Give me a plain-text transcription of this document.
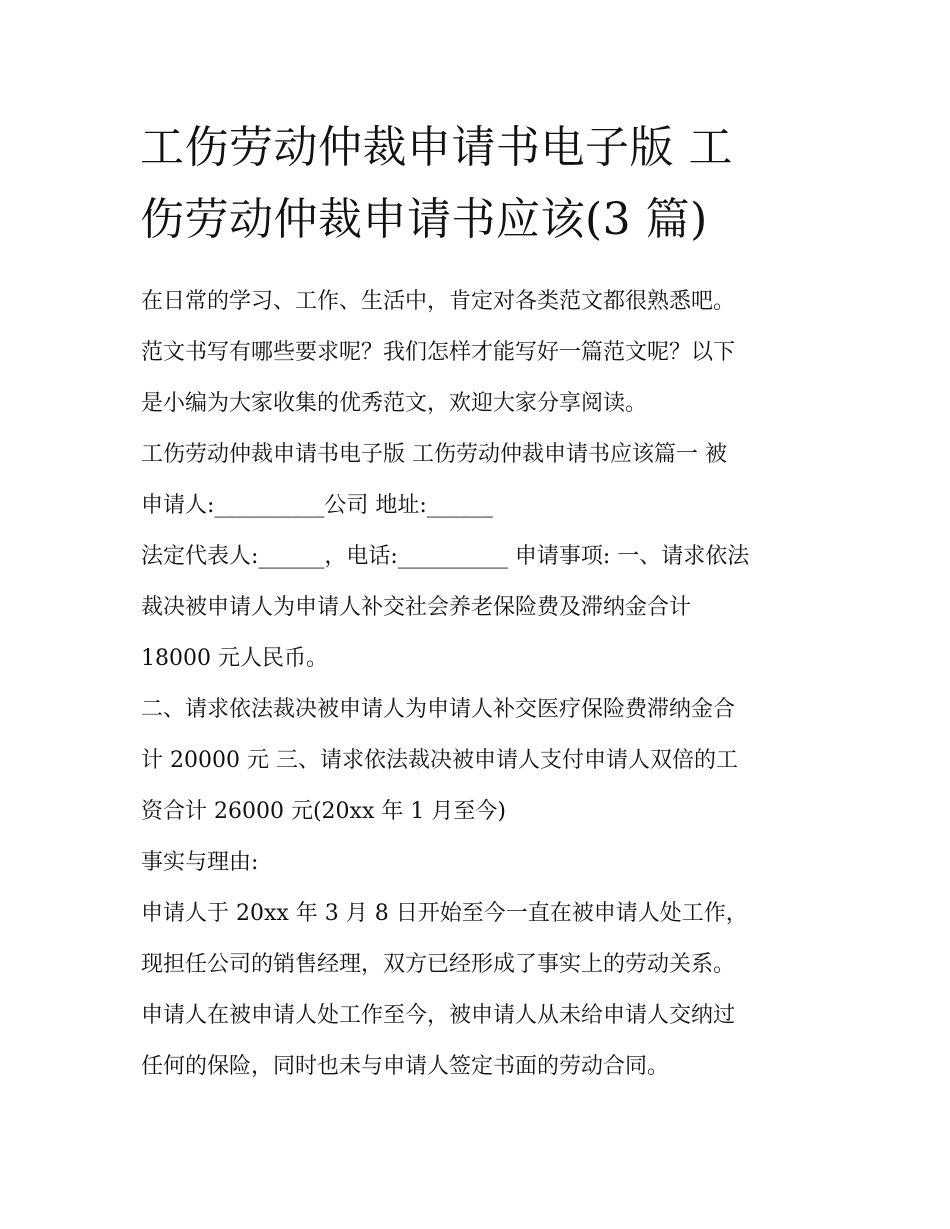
工伤劳动仲裁申请书电子版 工
伤劳动仲裁申请书应该(3 篇)

在日常的学习、工作、生活中，肯定对各类范文都很熟悉吧。

范文书写有哪些要求呢？我们怎样才能写好一篇范文呢？以下

是小编为大家收集的优秀范文，欢迎大家分享阅读。

工伤劳动仲裁申请书电子版 工伤劳动仲裁申请书应该篇一 被

申请人:__________公司 地址:______

法定代表人:______，电话:__________ 申请事项: 一、请求依法

裁决被申请人为申请人补交社会养老保险费及滞纳金合计

18000 元人民币。

二、请求依法裁决被申请人为申请人补交医疗保险费滞纳金合

计 20000 元 三、请求依法裁决被申请人支付申请人双倍的工

资合计 26000 元(20xx 年 1 月至今)

事实与理由:

申请人于 20xx 年 3 月 8 日开始至今一直在被申请人处工作，

现担任公司的销售经理，双方已经形成了事实上的劳动关系。

申请人在被申请人处工作至今，被申请人从未给申请人交纳过

任何的保险，同时也未与申请人签定书面的劳动合同。
